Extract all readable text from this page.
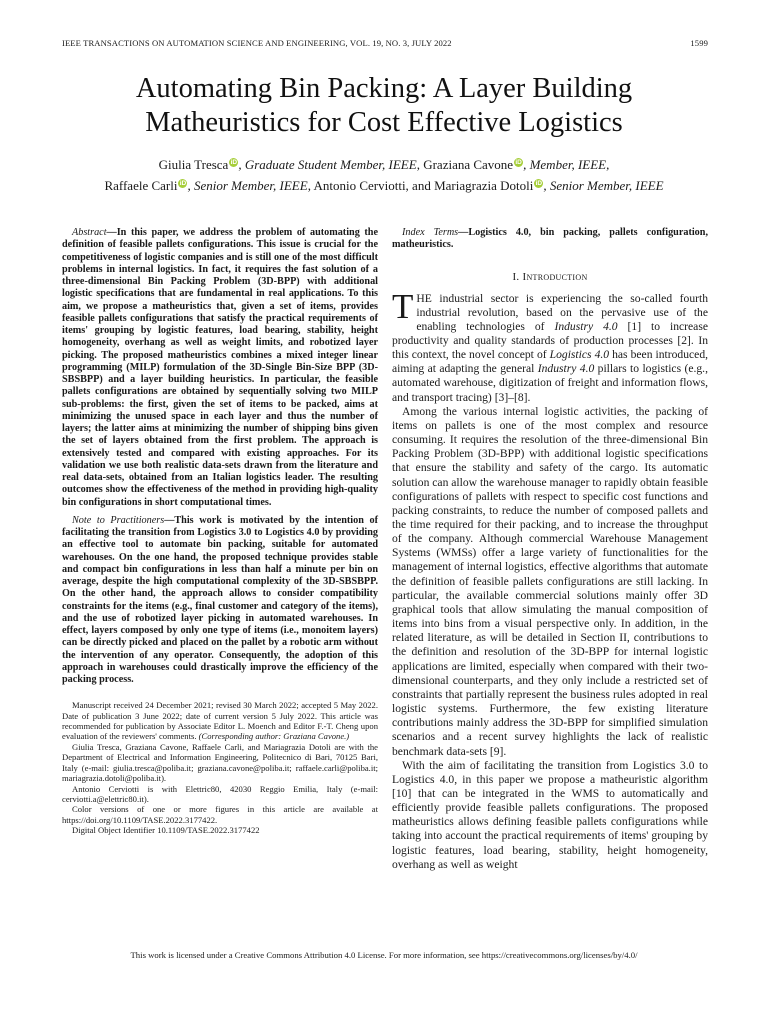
IEEE TRANSACTIONS ON AUTOMATION SCIENCE AND ENGINEERING, VOL. 19, NO. 3, JULY 2022	1599
Automating Bin Packing: A Layer Building
Matheuristics for Cost Effective Logistics
Giulia Tresca iD, Graduate Student Member, IEEE, Graziana Cavone iD, Member, IEEE,
Raffaele Carli iD, Senior Member, IEEE, Antonio Cerviotti, and Mariagrazia Dotoli iD, Senior Member, IEEE

Abstract—In this paper, we address the problem of automating the definition of feasible pallets configurations. This issue is crucial for the competitiveness of logistic companies and is still one of the most difficult problems in internal logistics. In fact, it requires the fast solution of a three-dimensional Bin Packing Problem (3D-BPP) with additional logistic specifications that are fundamental in real applications. To this aim, we propose a matheuristics that, given a set of items, provides feasible pallets configurations that satisfy the practical requirements of items' grouping by logistic features, load bearing, stability, height homogeneity, overhang as well as weight limits, and robotized layer picking. The proposed matheuristics combines a mixed integer linear programming (MILP) formulation of the 3D-Single Bin-Size BPP (3D-SBSBPP) and a layer building heuristics. In particular, the feasible pallets configurations are obtained by sequentially solving two MILP sub-problems: the first, given the set of items to be packed, aims at minimizing the unused space in each layer and thus the number of layers; the latter aims at minimizing the number of shipping bins given the set of layers obtained from the first problem. The approach is extensively tested and compared with existing approaches. For its validation we use both realistic data-sets drawn from the literature and real data-sets, obtained from an Italian logistics leader. The resulting outcomes show the effectiveness of the method in providing high-quality bin configurations in short computational times.

Note to Practitioners—This work is motivated by the intention of facilitating the transition from Logistics 3.0 to Logistics 4.0 by providing an effective tool to automate bin packing, suitable for automated warehouses. On the one hand, the proposed technique provides stable and compact bin configurations in less than half a minute per bin on average, despite the high computational complexity of the 3D-SBSBPP. On the other hand, the approach allows to consider compatibility constraints for the items (e.g., final customer and category of the items), and the use of robotized layer picking in automated warehouses. In effect, layers composed by only one type of items (i.e., monoitem layers) can be directly picked and placed on the pallet by a robotic arm without the intervention of any operator. Consequently, the adoption of this approach in warehouses could drastically improve the efficiency of the packing process.

Manuscript received 24 December 2021; revised 30 March 2022; accepted 5 May 2022. Date of publication 3 June 2022; date of current version 5 July 2022. This article was recommended for publication by Associate Editor L. Moench and Editor F.-T. Cheng upon evaluation of the reviewers' comments. (Corresponding author: Graziana Cavone.)

Giulia Tresca, Graziana Cavone, Raffaele Carli, and Mariagrazia Dotoli are with the Department of Electrical and Information Engineering, Politecnico di Bari, 70125 Bari, Italy (e-mail: giulia.tresca@poliba.it; graziana.cavone@poliba.it; raffaele.carli@poliba.it; mariagrazia.dotoli@poliba.it).

Antonio Cerviotti is with Elettric80, 42030 Reggio Emilia, Italy (e-mail: cerviotti.a@elettric80.it).

Color versions of one or more figures in this article are available at https://doi.org/10.1109/TASE.2022.3177422.

Digital Object Identifier 10.1109/TASE.2022.3177422

Index Terms—Logistics 4.0, bin packing, pallets configuration, matheuristics.

I. Introduction

THE industrial sector is experiencing the so-called fourth industrial revolution, based on the pervasive use of the enabling technologies of Industry 4.0 [1] to increase productivity and quality standards of production processes [2]. In this context, the novel concept of Logistics 4.0 has been introduced, aiming at adapting the general Industry 4.0 pillars to logistics (e.g., automated warehouse, digitization of freight and information flows, and transport tracing) [3]–[8].

Among the various internal logistic activities, the packing of items on pallets is one of the most complex and resource consuming. It requires the resolution of the three-dimensional Bin Packing Problem (3D-BPP) with additional logistic specifications that ensure the stability and safety of the cargo. Its automatic solution can allow the warehouse manager to rapidly obtain feasible configurations of pallets with respect to specific cost functions and packing constraints, to reduce the number of composed pallets and the time required for their packing, and to increase the throughput of the company. Although commercial Warehouse Management Systems (WMSs) offer a large variety of functionalities for the management of internal logistics, effective algorithms that automate the definition of feasible pallets configurations are still lacking. In particular, the available commercial solutions mainly offer 3D graphical tools that allow simulating the manual composition of items into bins from a visual perspective only. In addition, in the related literature, as will be detailed in Section II, contributions to the definition and resolution of the 3D-BPP for internal logistic applications are limited, especially when compared with their two-dimensional counterparts, and they only include a restricted set of constraints that partially represent the business rules adopted in real logistic systems. Furthermore, the few existing literature contributions mainly address the 3D-BPP for simplified simulation scenarios and a recent survey highlights the lack of realistic benchmark data-sets [9].

With the aim of facilitating the transition from Logistics 3.0 to Logistics 4.0, in this paper we propose a matheuristic algorithm [10] that can be integrated in the WMS to automatically and efficiently provide feasible pallets configurations. The proposed matheuristics allows defining feasible pallets configurations while taking into account the practical requirements of items' grouping by logistic features, load bearing, stability, height homogeneity, overhang as well as weight

This work is licensed under a Creative Commons Attribution 4.0 License. For more information, see https://creativecommons.org/licenses/by/4.0/
